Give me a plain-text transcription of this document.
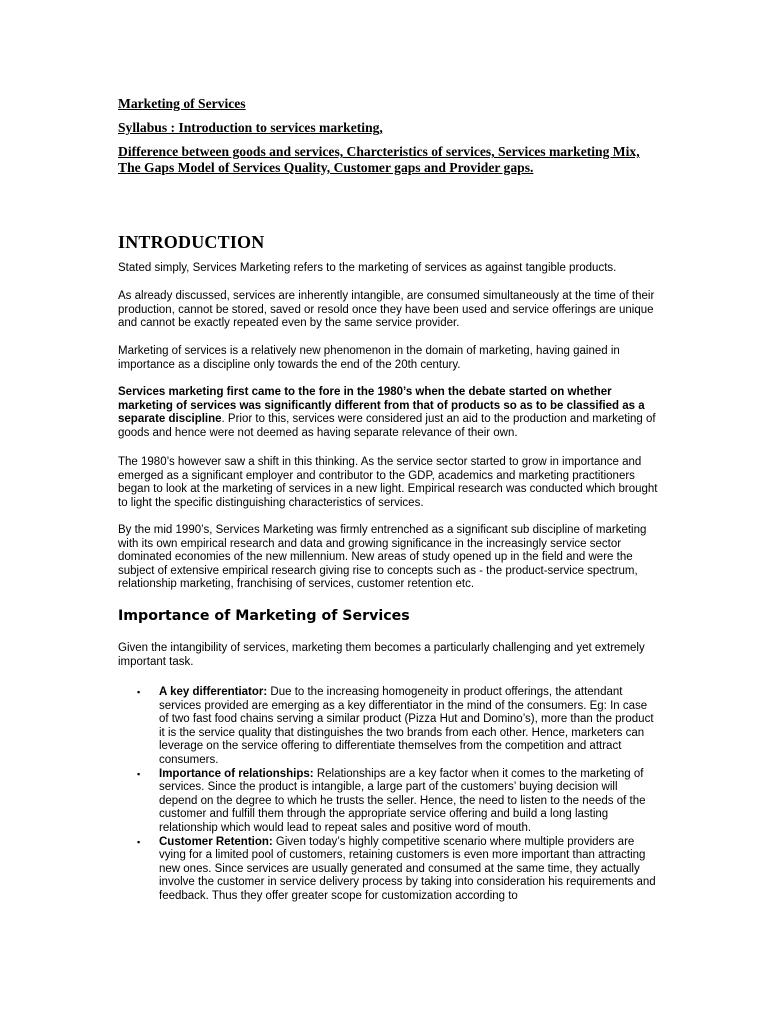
Marketing of Services
Syllabus : Introduction to services marketing,
Difference between goods and services, Charcteristics of services, Services marketing Mix, The Gaps Model of Services Quality, Customer gaps and Provider gaps.
INTRODUCTION

Stated simply, Services Marketing refers to the marketing of services as against tangible products.

As already discussed, services are inherently intangible, are consumed simultaneously at the time of their production, cannot be stored, saved or resold once they have been used and service offerings are unique and cannot be exactly repeated even by the same service provider.

Marketing of services is a relatively new phenomenon in the domain of marketing, having gained in importance as a discipline only towards the end of the 20th century.

Services marketing first came to the fore in the 1980’s when the debate started on whether marketing of services was significantly different from that of products so as to be classified as a separate discipline. Prior to this, services were considered just an aid to the production and marketing of goods and hence were not deemed as having separate relevance of their own.

The 1980’s however saw a shift in this thinking. As the service sector started to grow in importance and emerged as a significant employer and contributor to the GDP, academics and marketing practitioners began to look at the marketing of services in a new light. Empirical research was conducted which brought to light the specific distinguishing characteristics of services.

By the mid 1990’s, Services Marketing was firmly entrenched as a significant sub discipline of marketing with its own empirical research and data and growing significance in the increasingly service sector dominated economies of the new millennium. New areas of study opened up in the field and were the subject of extensive empirical research giving rise to concepts such as - the product-service spectrum, relationship marketing, franchising of services, customer retention etc.

Importance of Marketing of Services

Given the intangibility of services, marketing them becomes a particularly challenging and yet extremely important task.

▪ A key differentiator: Due to the increasing homogeneity in product offerings, the attendant services provided are emerging as a key differentiator in the mind of the consumers. Eg: In case of two fast food chains serving a similar product (Pizza Hut and Domino’s), more than the product it is the service quality that distinguishes the two brands from each other. Hence, marketers can leverage on the service offering to differentiate themselves from the competition and attract consumers.
▪ Importance of relationships: Relationships are a key factor when it comes to the marketing of services. Since the product is intangible, a large part of the customers’ buying decision will depend on the degree to which he trusts the seller. Hence, the need to listen to the needs of the customer and fulfill them through the appropriate service offering and build a long lasting relationship which would lead to repeat sales and positive word of mouth.
▪ Customer Retention: Given today’s highly competitive scenario where multiple providers are vying for a limited pool of customers, retaining customers is even more important than attracting new ones. Since services are usually generated and consumed at the same time, they actually involve the customer in service delivery process by taking into consideration his requirements and feedback. Thus they offer greater scope for customization according to
